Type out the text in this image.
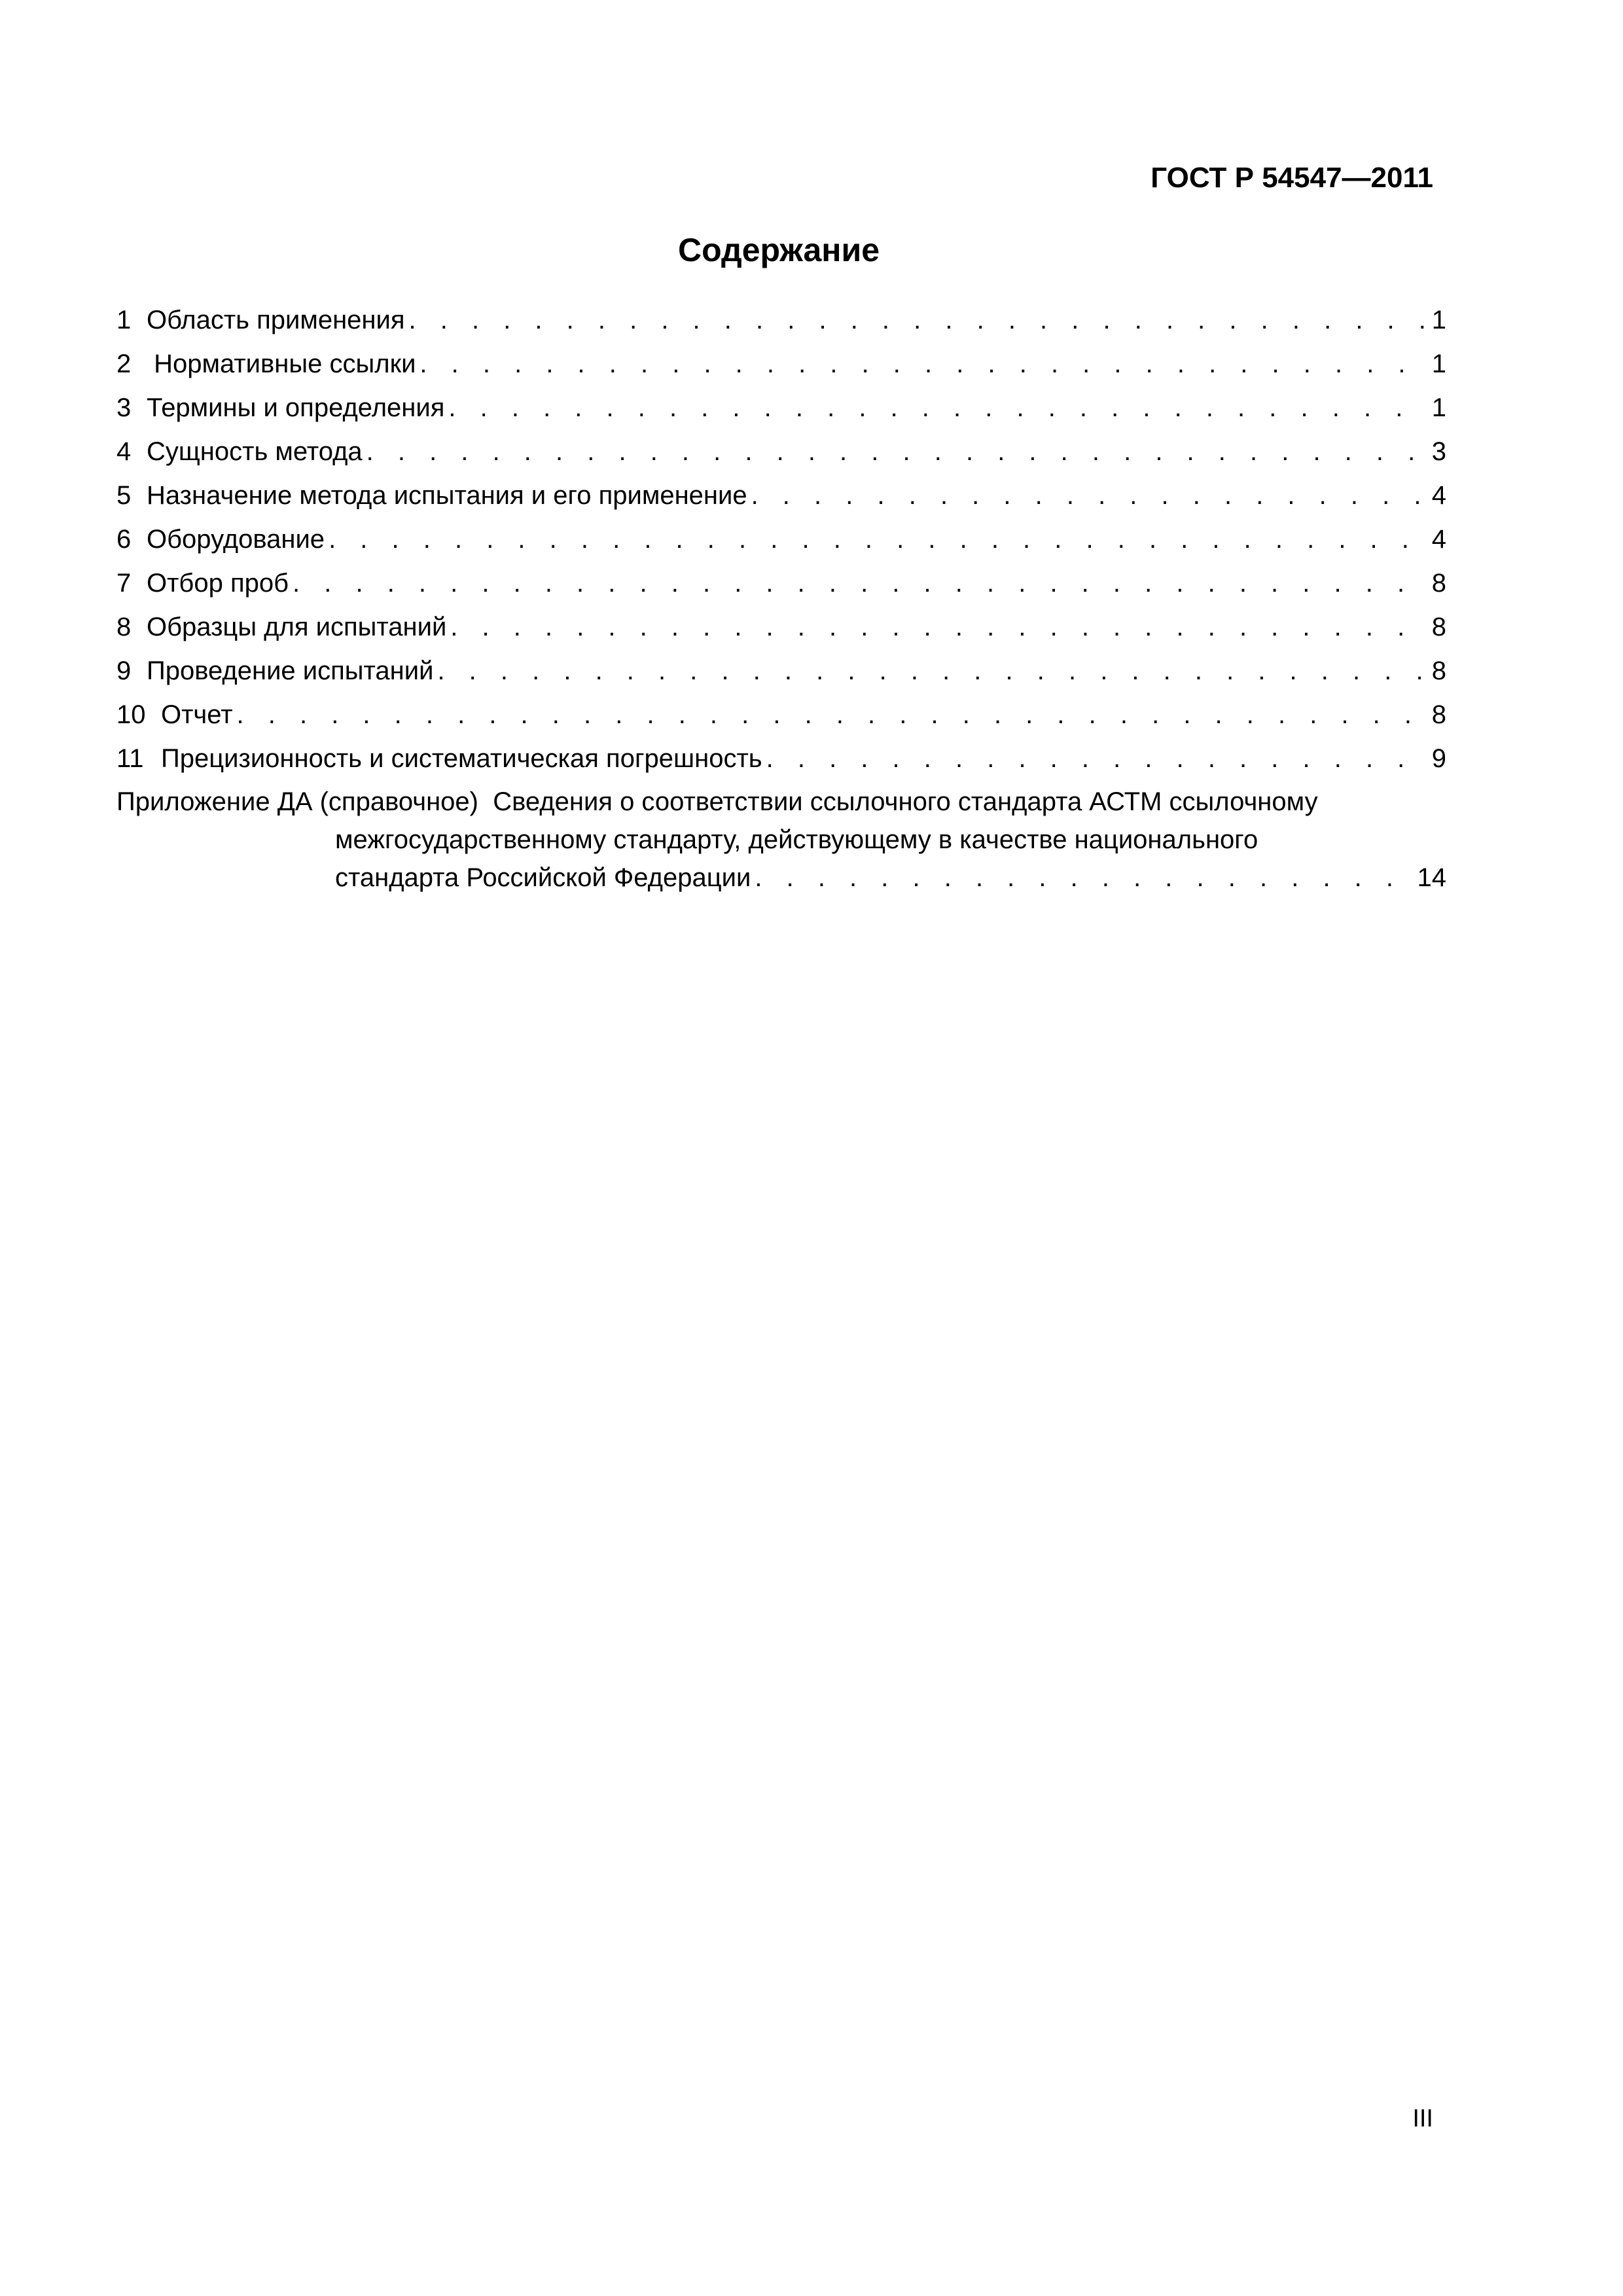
ГОСТ Р 54547—2011
Содержание
1 Область применения . . .	1
2 Нормативные ссылки . . .	1
3 Термины и определения . . .	1
4 Сущность метода . . .	3
5 Назначение метода испытания и его применение . . .	4
6 Оборудование . . .	4
7 Отбор проб . . .	8
8 Образцы для испытаний . . .	8
9 Проведение испытаний . . .	8
10 Отчет . . .	8
11 Прецизионность и систематическая погрешность . . .	9
Приложение ДА (справочное)  Сведения о соответствии ссылочного стандарта АСТМ ссылочному
межгосударственному стандарту, действующему в качестве национального
стандарта Российской Федерации . . .	14
III
